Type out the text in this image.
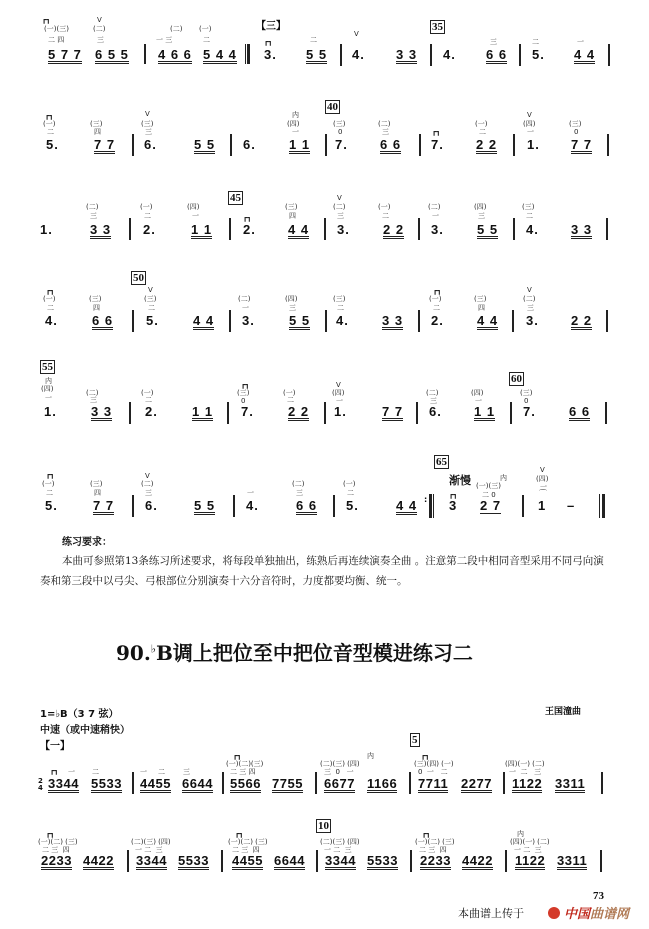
┏┓
(一)(三)
二 四
V
(二)
三
5 7 7 6 5 5
(二)
一 三
(一)
二
4 6 6 5 4 4
【三】
┏┓
3.
二
5 5
V
4. 3 3
35
4.
三
6 6
二
5.
一
4 4
┏┓
(一)
二
5.
(三)
四
7 7
V
(三)
三
6.	5 5 6.
内
(四)
一
1 1
40
(三)
0
7.
(二)
三
6 6
┏┓
7.
(一)
二
2 2
V
(四)
一
1.
(三)
0
7 7
1.
(二)
三
3 3
(一)
二
2.
(四)
一
1 1
45
┏┓
2.
(三)
四
4 4
V
(二)
三
3.
(一)
二
2 2
(二)
一
3.
(四)
三
5 5
(三)
二
4. 3 3
┏┓
(一)
二
4.
(三)
四
6 6
50
V
(三)
二
5.	4 4
(二)
一
3.
(四)
三
5 5
(三)
二
4.	3 3
┏┓
(一)
二
2.
(三)
四
4 4
V
(二)
三
3. 2 2
55
内
(四)
一
1.
(二)
三
3 3
(一)
二
2.	1 1
┏┓
(三)
0
7.
(一)
二
2 2
V
(四)
一
1.	7 7
(二)
三
6.
(四)
一
1 1
60
(三)
0
7.	6 6
┏┓
(一)
二
5.
(三)
四
7 7
V
(二)
三
6.	5 5
一
4.
(二)
三
6 6
(一)
二
5.	4 4 :
65
渐慢
┏┓
3
内
(一)(三)
二 0
2 7
V
(四)
一
⌒
1 –
练习要求：
本曲可参照第13条练习所述要求，将每段单独抽出，练熟后再连续演奏全曲 。注意第二段中相同音型采用不同弓向演奏和第三段中以弓尖、弓根部位分别演奏十六分音符时，力度都要均衡、统一。
90.♭B调上把位至中把位音型模进练习二
1=♭B（3 7 弦）
中速（或中速稍快）
王国潼曲
【一】
5
2
4
┏┓ 一 二
3344 5533
一 二	三
4455 6644
┏┓
(一)(二)(三)
二 三 四
5566 7755
内
(二)(三) (四)
三  0   一
6677 1166
┏┓
(三)(四) (一)
0  一   二
7711 2277
(四)(一) (二)
一  二   三
1122 3311
10
┏┓
(一)(二) (三)
二 三  四
2233 4422
(二)(三) (四)
一 二  三
3344 5533
┏┓
(一)(二) (三)
二 三  四
4455 6644
(二)(三) (四)
一 二  三
3344 5533
┏┓
(一)(二) (三)
二 三  四
2233 4422
内
(四)(一) (二)
一 二  三
1122 3311
73
本曲谱上传于	中国曲谱网
